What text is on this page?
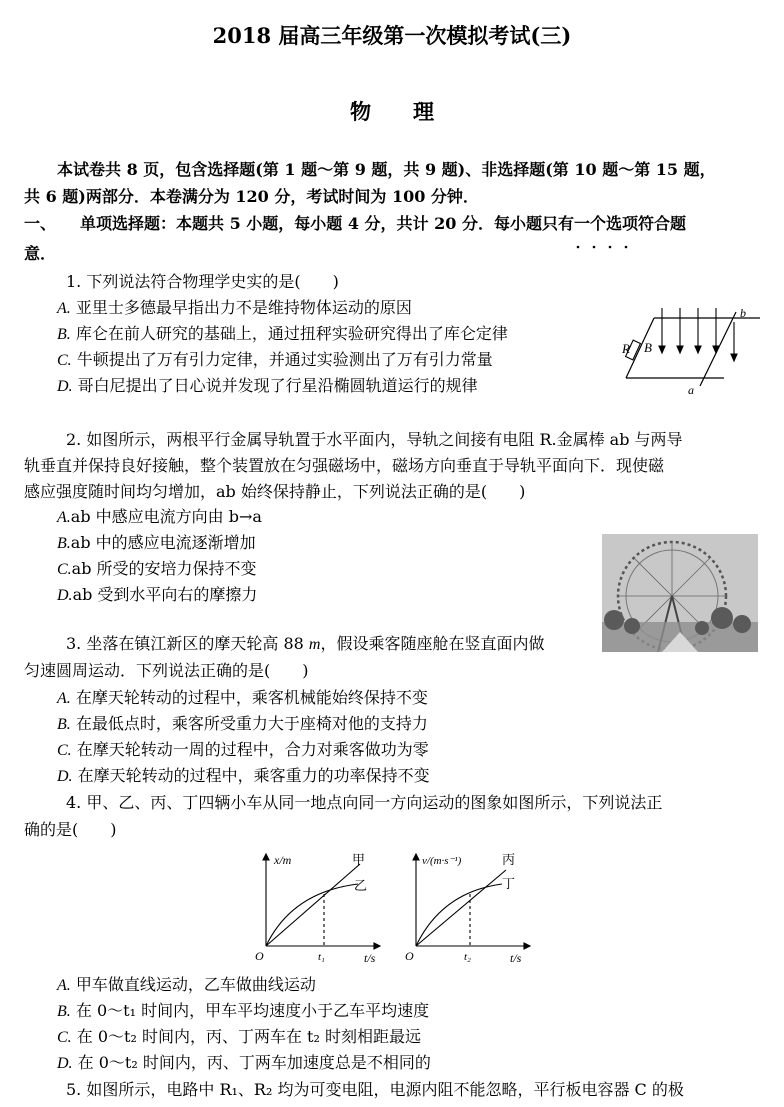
2018 届高三年级第一次模拟考试(三)
物　　理
本试卷共 8 页，包含选择题(第 1 题～第 9 题，共 9 题)、非选择题(第 10 题～第 15 题，
共 6 题)两部分．本卷满分为 120 分，考试时间为 100 分钟．
一、 单项选择题：本题共 5 小题，每小题 4 分，共计 20 分．每小题只有一个选项符合题
意．
1. 下列说法符合物理学史实的是(　　)
A. 亚里士多德最早指出力不是维持物体运动的原因
B. 库仑在前人研究的基础上，通过扭秤实验研究得出了库仑定律
C. 牛顿提出了万有引力定律，并通过实验测出了万有引力常量
D. 哥白尼提出了日心说并发现了行星沿椭圆轨道运行的规律
R B
b
a
2. 如图所示，两根平行金属导轨置于水平面内，导轨之间接有电阻 R.金属棒 ab 与两导
轨垂直并保持良好接触，整个装置放在匀强磁场中，磁场方向垂直于导轨平面向下．现使磁
感应强度随时间均匀增加，ab 始终保持静止，下列说法正确的是(　　)
A.ab 中感应电流方向由 b→a
B.ab 中的感应电流逐渐增加
C.ab 所受的安培力保持不变
D.ab 受到水平向右的摩擦力
3. 坐落在镇江新区的摩天轮高 88 m，假设乘客随座舱在竖直面内做
匀速圆周运动．下列说法正确的是(　　)
A. 在摩天轮转动的过程中，乘客机械能始终保持不变
B. 在最低点时，乘客所受重力大于座椅对他的支持力
C. 在摩天轮转动一周的过程中，合力对乘客做功为零
D. 在摩天轮转动的过程中，乘客重力的功率保持不变
4. 甲、乙、丙、丁四辆小车从同一地点向同一方向运动的图象如图所示，下列说法正
确的是(　　)
x/m
t/s
O	t₁
甲
乙
v/(m·s⁻¹)
t/s
O	t₂
丙
丁
A. 甲车做直线运动，乙车做曲线运动
B. 在 0～t₁ 时间内，甲车平均速度小于乙车平均速度
C. 在 0～t₂ 时间内，丙、丁两车在 t₂ 时刻相距最远
D. 在 0～t₂ 时间内，丙、丁两车加速度总是不相同的
5. 如图所示，电路中 R₁、R₂ 均为可变电阻，电源内阻不能忽略，平行板电容器 C 的极
